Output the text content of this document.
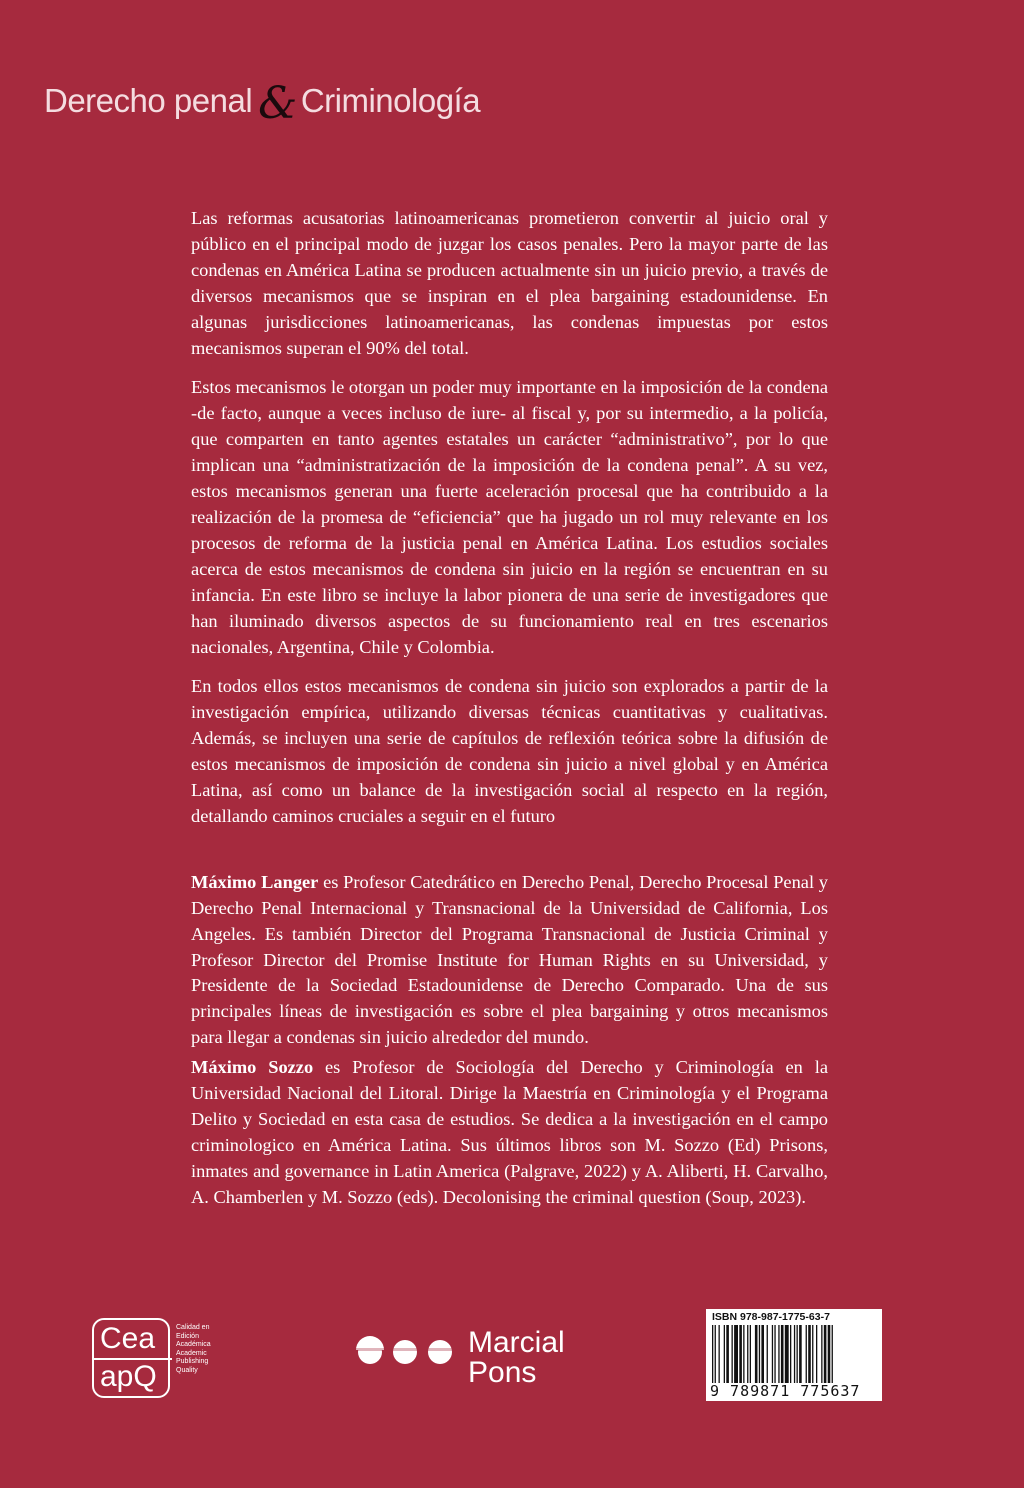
Derecho penal & Criminología

Las reformas acusatorias latinoamericanas prometieron convertir al juicio oral y público en el principal modo de juzgar los casos penales. Pero la mayor parte de las condenas en América Latina se producen actualmente sin un juicio previo, a través de diversos mecanismos que se inspiran en el plea bargaining estadounidense. En algunas jurisdicciones latinoamericanas, las condenas impuestas por estos mecanismos superan el 90% del total.

Estos mecanismos le otorgan un poder muy importante en la imposición de la condena -de facto, aunque a veces incluso de iure- al fiscal y, por su intermedio, a la policía, que comparten en tanto agentes estatales un carácter “administrativo”, por lo que implican una “administratización de la imposición de la condena penal”. A su vez, estos mecanismos generan una fuerte aceleración procesal que ha contribuido a la realización de la promesa de “eficiencia” que ha jugado un rol muy relevante en los procesos de reforma de la justicia penal en América Latina. Los estudios sociales acerca de estos mecanismos de condena sin juicio en la región se encuentran en su infancia. En este libro se incluye la labor pionera de una serie de investigadores que han iluminado diversos aspectos de su funcionamiento real en tres escenarios nacionales, Argentina, Chile y Colombia.

En todos ellos estos mecanismos de condena sin juicio son explorados a partir de la investigación empírica, utilizando diversas técnicas cuantitativas y cualitativas. Además, se incluyen una serie de capítulos de reflexión teórica sobre la difusión de estos mecanismos de imposición de condena sin juicio a nivel global y en América Latina, así como un balance de la investigación social al respecto en la región, detallando caminos cruciales a seguir en el futuro

Máximo Langer es Profesor Catedrático en Derecho Penal, Derecho Procesal Penal y Derecho Penal Internacional y Transnacional de la Universidad de California, Los Angeles. Es también Director del Programa Transnacional de Justicia Criminal y Profesor Director del Promise Institute for Human Rights en su Universidad, y Presidente de la Sociedad Estadounidense de Derecho Comparado. Una de sus principales líneas de investigación es sobre el plea bargaining y otros mecanismos para llegar a condenas sin juicio alrededor del mundo.

Máximo Sozzo es Profesor de Sociología del Derecho y Criminología en la Universidad Nacional del Litoral. Dirige la Maestría en Criminología y el Programa Delito y Sociedad en esta casa de estudios. Se dedica a la investigación en el campo criminologico en América Latina. Sus últimos libros son M. Sozzo (Ed) Prisons, inmates and governance in Latin America (Palgrave, 2022) y A. Aliberti, H. Carvalho, A. Chamberlen y M. Sozzo (eds). Decolonising the criminal question (Soup, 2023).

Cea
apQ
Calidad en
Edición
Académica
Academic
Publishing
Quality
Marcial
Pons
ISBN 978-987-1775-63-7
9 789871 775637
